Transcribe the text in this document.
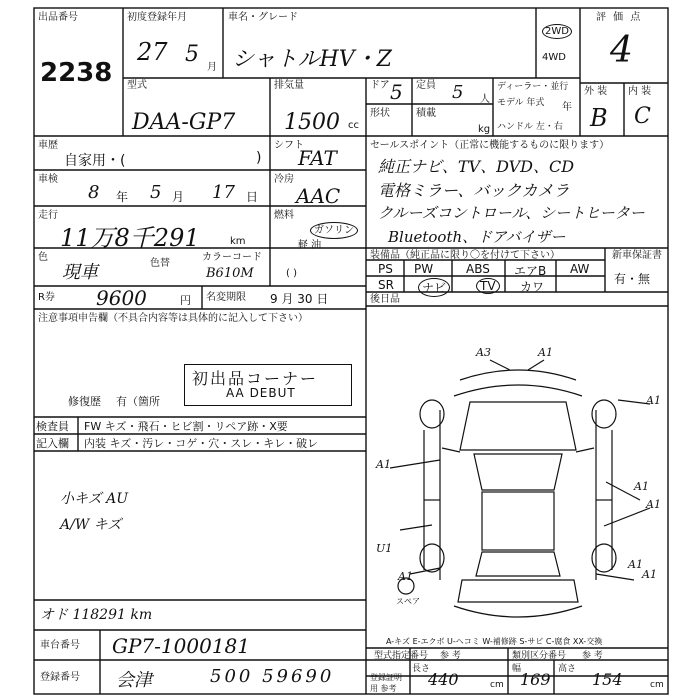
出品番号
2238
初度登録年月
27 5
月
車名・グレード
シャトルHV・Z
2WD
4WD
評 価 点
4
型式
DAA-GP7
排気量
1500 cc
ドア 5 定員 5 人
形状	積載
kg
ディーラー・並行
モデル 年式	年
ハンドル 左・右
外 装 内 装
B C
車歴
自家用・(	)
シフト
FAT
車検
8 年 5 月 17 日
冷房
AAC
走行
11万8千291	km
燃料
ガソリン
軽 油
色
現車	色替
カラーコード
B610M	( )
R券 9600	円 名変期限 9 月 30 日
セールスポイント（正常に機能するものに限ります）
純正ナビ、TV、DVD、CD
電格ミラー、バックカメラ
クルーズコントロール、シートヒーター
Bluetooth、ドアバイザー
装備品（純正品に限り〇を付けて下さい）	新車保証書
有・無
PS PW	ABS エアB AW
SR	ナビ	TV	カワ
後日品
注意事項申告欄（不具合内容等は具体的に記入して下さい）
初出品コーナー
AA DEBUT
修復歴 有（箇所
検査員 FW キズ・飛石・ヒビ割・リペア跡・X要
記入欄 内装 キズ・汚レ・コゲ・穴・スレ・キレ・破レ
小キズ AU
A/W キズ
オド 118291 km
車台番号 GP7-1000181
登録番号 会津	500 59690
A-キズ E-エクボ U-ヘコミ W-補修跡 S-サビ C-腐食 XX-交換
型式指定番号 参 考	類別区分番号 参 考
登録証明用 参考
長さ
440	cm
幅
169
高さ
154	cm
A3	A1
A1
A1
A1
A1
A1
U1
A1
A1
スペア
